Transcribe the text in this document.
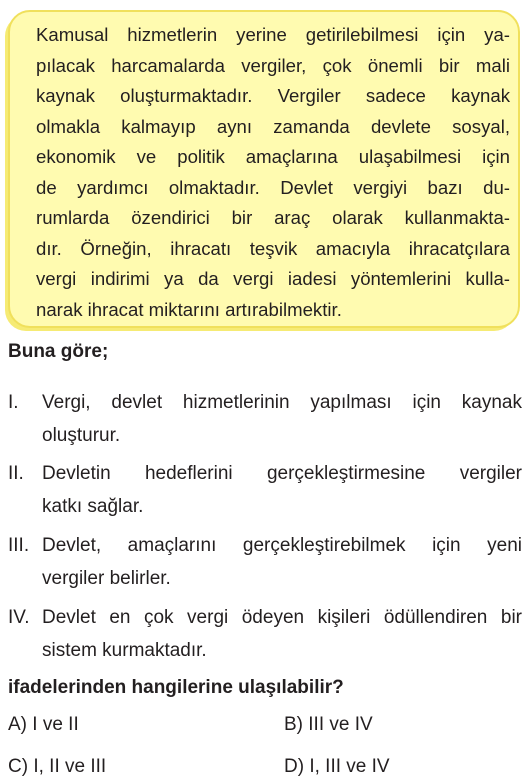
Kamusal hizmetlerin yerine getirilebilmesi için ya-
pılacak harcamalarda vergiler, çok önemli bir mali
kaynak oluşturmaktadır. Vergiler sadece kaynak
olmakla kalmayıp aynı zamanda devlete sosyal,
ekonomik ve politik amaçlarına ulaşabilmesi için
de yardımcı olmaktadır. Devlet vergiyi bazı du-
rumlarda özendirici bir araç olarak kullanmakta-
dır. Örneğin, ihracatı teşvik amacıyla ihracatçılara
vergi indirimi ya da vergi iadesi yöntemlerini kulla-
narak ihracat miktarını artırabilmektir.

Buna göre;

I. Vergi, devlet hizmetlerinin yapılması için kaynak
oluşturur.
II. Devletin hedeflerini gerçekleştirmesine vergiler
katkı sağlar.
III. Devlet, amaçlarını gerçekleştirebilmek için yeni
vergiler belirler.
IV. Devlet en çok vergi ödeyen kişileri ödüllendiren bir
sistem kurmaktadır.

ifadelerinden hangilerine ulaşılabilir?

A) I ve II	B) III ve IV
C) I, II ve III	D) I, III ve IV
